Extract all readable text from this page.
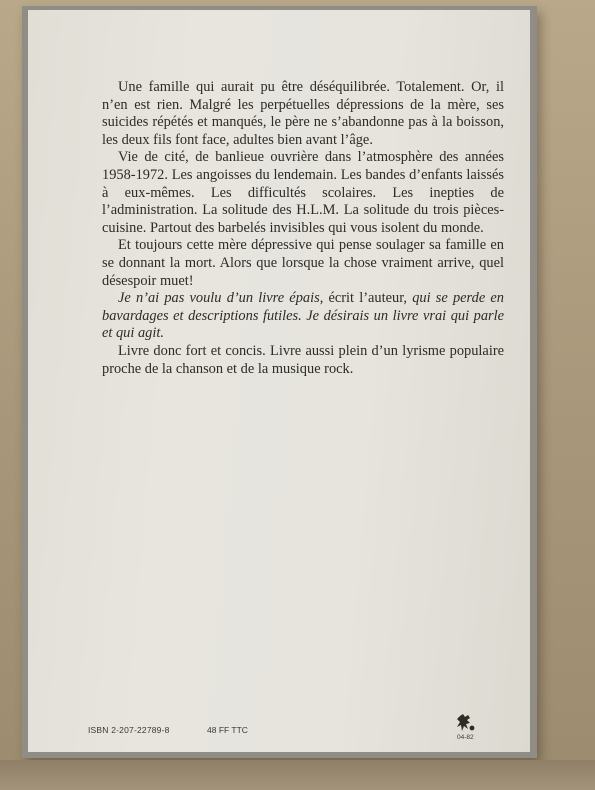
Une famille qui aurait pu être déséquilibrée. Totalement. Or, il n’en est rien. Malgré les perpétuelles dépressions de la mère, ses suicides répétés et manqués, le père ne s’abandonne pas à la boisson, les deux fils font face, adultes bien avant l’âge.

Vie de cité, de banlieue ouvrière dans l’atmosphère des années 1958-1972. Les angoisses du lendemain. Les bandes d’enfants laissés à eux-mêmes. Les difficultés scolaires. Les inepties de l’administration. La solitude des H.L.M. La solitude du trois pièces-cuisine. Partout des barbelés invisibles qui vous isolent du monde.

Et toujours cette mère dépressive qui pense soulager sa famille en se donnant la mort. Alors que lorsque la chose vraiment arrive, quel désespoir muet!

Je n’ai pas voulu d’un livre épais, écrit l’auteur, qui se perde en bavardages et descriptions futiles. Je désirais un livre vrai qui parle et qui agit.

Livre donc fort et concis. Livre aussi plein d’un lyrisme populaire proche de la chanson et de la musique rock.

ISBN 2-207-22789-8	48 FF TTC
04-82
